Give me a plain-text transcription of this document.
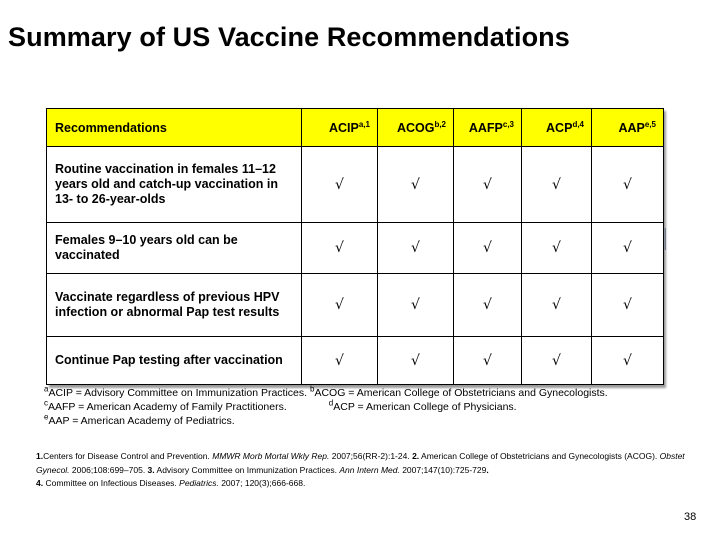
Summary of US Vaccine Recommendations
Recommendations	ACIP$^{a,1}$	ACOG$^{b,2}$	AAFP$^{c,3}$	ACP$^{d,4}$	AAP$^{e,5}$
Routine vaccination in females 11–12 years old and catch-up vaccination in 13- to 26-year-olds	√	√	√	√	√
Females 9–10 years old can be vaccinated	√	√	√	√	√
Vaccinate regardless of previous HPV infection or abnormal Pap test results	√	√	√	√	√
Continue Pap testing after vaccination	√	√	√	√	√
$^a$ACIP = Advisory Committee on Immunization Practices. $^b$ACOG = American College of Obstetricians and Gynecologists.
$^c$AAFP = American Academy of Family Practitioners.	$^d$ACP = American College of Physicians.
$^e$AAP = American Academy of Pediatrics.
1.Centers for Disease Control and Prevention. MMWR Morb Mortal Wkly Rep. 2007;56(RR-2):1-24. 2. American College of Obstetricians and Gynecologists (ACOG). Obstet Gynecol. 2006;108:699–705. 3. Advisory Committee on Immunization Practices. Ann Intern Med. 2007;147(10):725-729.
4. Committee on Infectious Diseases. Pediatrics. 2007; 120(3);666-668.
38
